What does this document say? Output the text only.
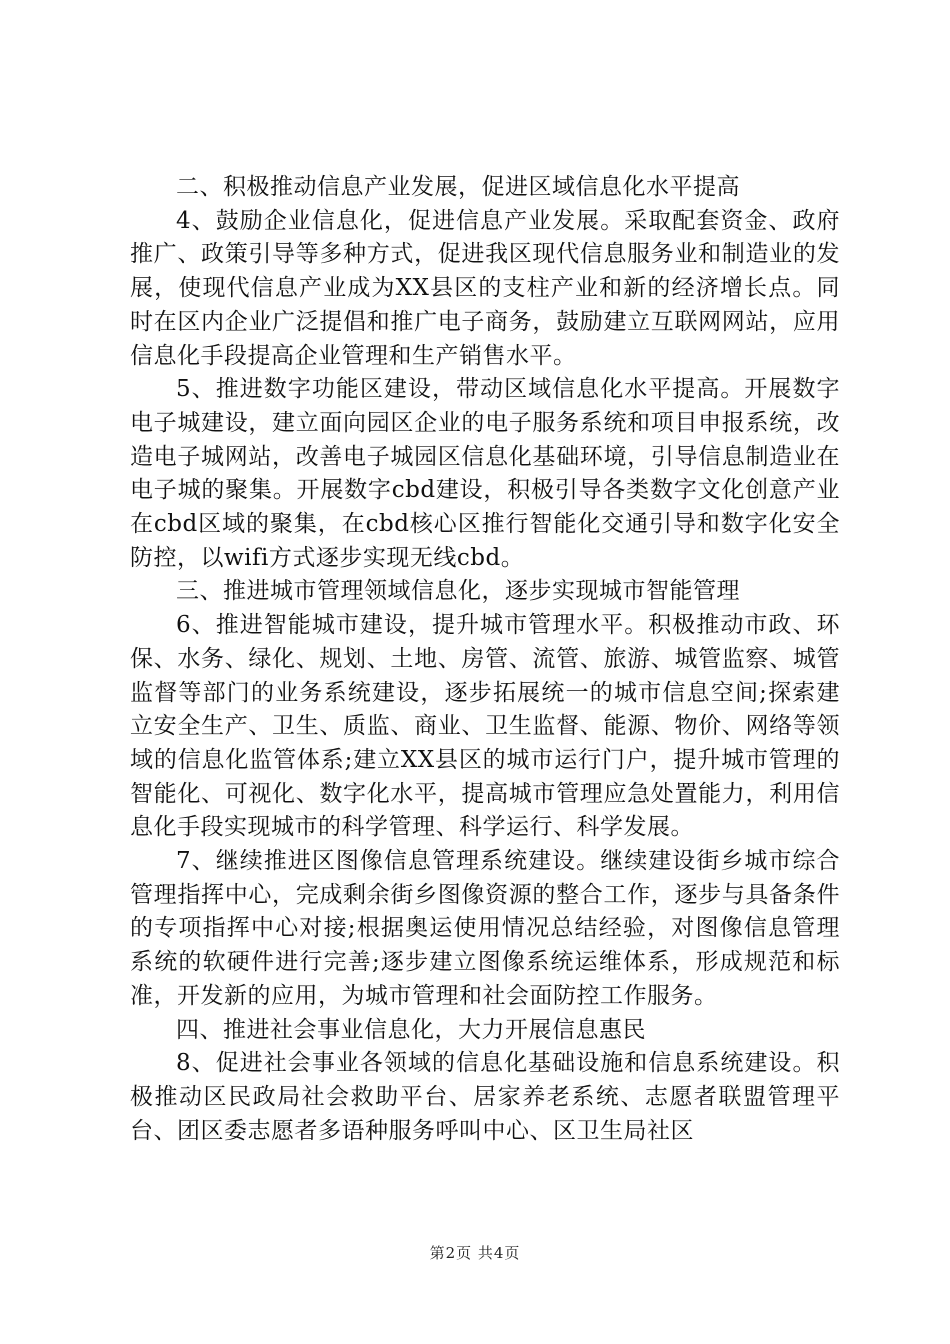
二、积极推动信息产业发展，促进区域信息化水平提高

4、鼓励企业信息化，促进信息产业发展。采取配套资金、政府推广、政策引导等多种方式，促进我区现代信息服务业和制造业的发展，使现代信息产业成为XX县区的支柱产业和新的经济增长点。同时在区内企业广泛提倡和推广电子商务，鼓励建立互联网网站，应用信息化手段提高企业管理和生产销售水平。

5、推进数字功能区建设，带动区域信息化水平提高。开展数字电子城建设，建立面向园区企业的电子服务系统和项目申报系统，改造电子城网站，改善电子城园区信息化基础环境，引导信息制造业在电子城的聚集。开展数字cbd建设，积极引导各类数字文化创意产业在cbd区域的聚集，在cbd核心区推行智能化交通引导和数字化安全防控，以wifi方式逐步实现无线cbd。

三、推进城市管理领域信息化，逐步实现城市智能管理

6、推进智能城市建设，提升城市管理水平。积极推动市政、环保、水务、绿化、规划、土地、房管、流管、旅游、城管监察、城管监督等部门的业务系统建设，逐步拓展统一的城市信息空间;探索建立安全生产、卫生、质监、商业、卫生监督、能源、物价、网络等领域的信息化监管体系;建立XX县区的城市运行门户，提升城市管理的智能化、可视化、数字化水平，提高城市管理应急处置能力，利用信息化手段实现城市的科学管理、科学运行、科学发展。

7、继续推进区图像信息管理系统建设。继续建设街乡城市综合管理指挥中心，完成剩余街乡图像资源的整合工作，逐步与具备条件的专项指挥中心对接;根据奥运使用情况总结经验，对图像信息管理系统的软硬件进行完善;逐步建立图像系统运维体系，形成规范和标准，开发新的应用，为城市管理和社会面防控工作服务。

四、推进社会事业信息化，大力开展信息惠民

8、促进社会事业各领域的信息化基础设施和信息系统建设。积极推动区民政局社会救助平台、居家养老系统、志愿者联盟管理平台、团区委志愿者多语种服务呼叫中心、区卫生局社区

第2页 共4页
